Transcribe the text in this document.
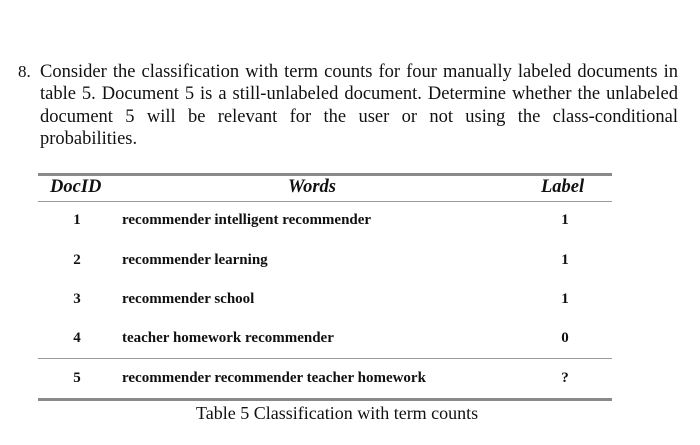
8. Consider the classification with term counts for four manually labeled documents in table 5. Document 5 is a still-unlabeled document. Determine whether the unlabeled document 5 will be relevant for the user or not using the class-conditional probabilities.
DocID	Words	Label
1	recommender intelligent recommender	1
2	recommender learning	1
3	recommender school	1
4	teacher homework recommender	0
5	recommender recommender teacher homework	?
Table 5 Classification with term counts
